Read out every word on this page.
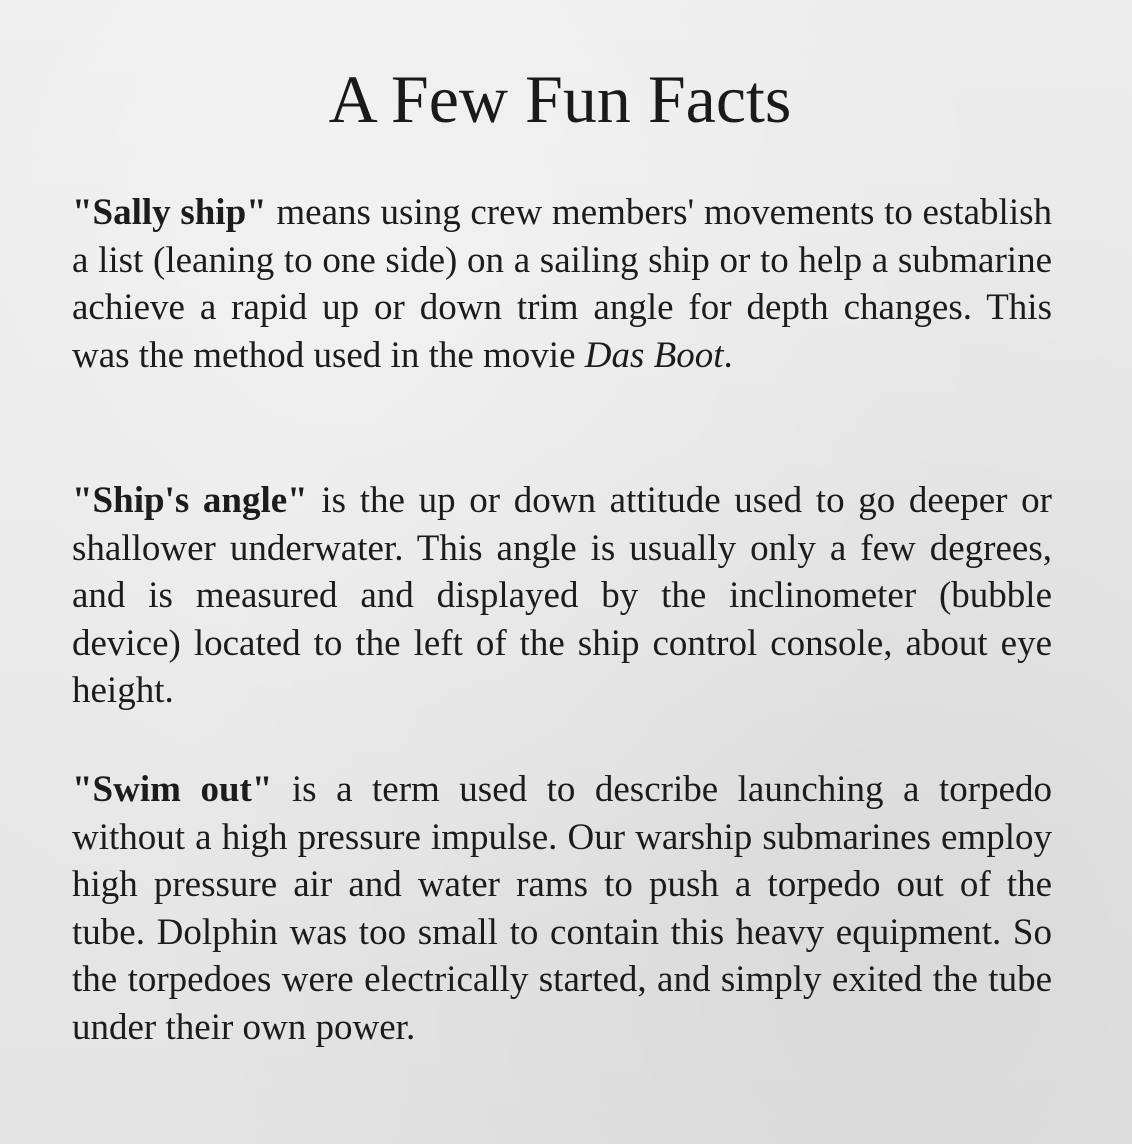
A Few Fun Facts

"Sally ship" means using crew members' movements to establish a list (leaning to one side) on a sailing ship or to help a submarine achieve a rapid up or down trim angle for depth changes. This was the method used in the movie Das Boot.

"Ship's angle" is the up or down attitude used to go deeper or shallower underwater. This angle is usually only a few degrees, and is measured and displayed by the inclinometer (bubble device) located to the left of the ship control console, about eye height.

"Swim out" is a term used to describe launching a torpedo without a high pressure impulse. Our warship submarines employ high pressure air and water rams to push a torpedo out of the tube. Dolphin was too small to contain this heavy equipment. So the torpedoes were electrically started, and simply exited the tube under their own power.
